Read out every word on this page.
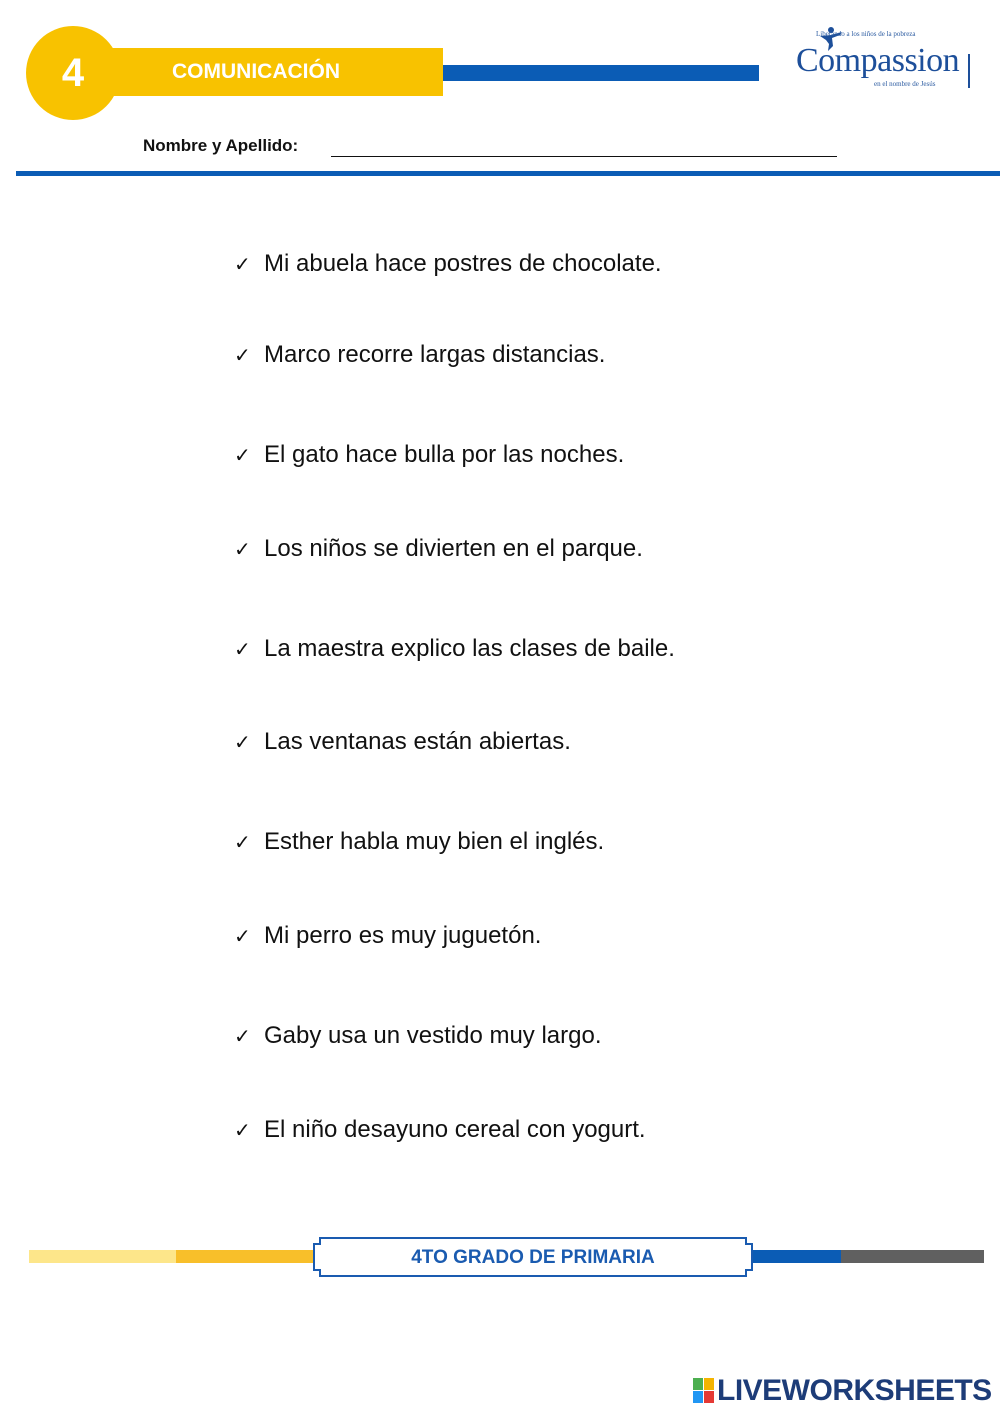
COMUNICACIÓN
4
Liberando a los niños de la pobreza
Compassion
en el nombre de Jesús
Nombre y Apellido:
✓ Mi abuela hace postres de chocolate.
✓ Marco recorre largas distancias.
✓ El gato hace bulla por las noches.
✓ Los niños se divierten en el parque.
✓ La maestra explico las clases de baile.
✓ Las ventanas están abiertas.
✓ Esther habla muy bien el inglés.
✓ Mi perro es muy juguetón.
✓ Gaby usa un vestido muy largo.
✓ El niño desayuno cereal con yogurt.
4TO GRADO DE PRIMARIA
LIVEWORKSHEETS
